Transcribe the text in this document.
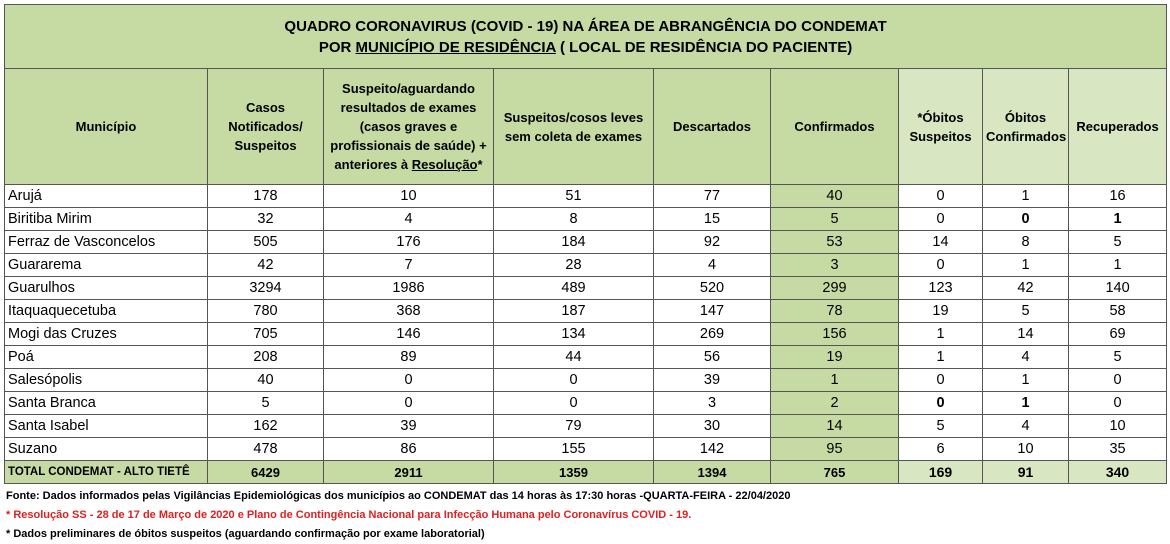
QUADRO CORONAVIRUS (COVID - 19) NA ÁREA DE ABRANGÊNCIA DO CONDEMAT
POR MUNICÍPIO DE RESIDÊNCIA ( LOCAL DE RESIDÊNCIA DO PACIENTE)								

Município	Casos Notificados/ Suspeitos	Suspeito/aguardando resultados de exames (casos graves e profissionais de saúde) + anteriores à Resolução*	Suspeitos/cosos leves sem coleta de exames	Descartados	Confirmados	*Óbitos Suspeitos	Óbitos Confirmados	Recuperados
Arujá	178	10	51	77	40	0	1	16
Biritiba Mirim	32	4	8	15	5	0	0	1
Ferraz de Vasconcelos	505	176	184	92	53	14	8	5
Guararema	42	7	28	4	3	0	1	1
Guarulhos	3294	1986	489	520	299	123	42	140
Itaquaquecetuba	780	368	187	147	78	19	5	58
Mogi das Cruzes	705	146	134	269	156	1	14	69
Poá	208	89	44	56	19	1	4	5
Salesópolis	40	0	0	39	1	0	1	0
Santa Branca	5	0	0	3	2	0	1	0
Santa Isabel	162	39	79	30	14	5	4	10
Suzano	478	86	155	142	95	6	10	35
TOTAL CONDEMAT - ALTO TIETÊ	6429	2911	1359	1394	765	169	91	340
Fonte: Dados informados pelas Vigilâncias Epidemiológicas dos municípios ao CONDEMAT das 14 horas às 17:30 horas -QUARTA-FEIRA - 22/04/2020
* Resolução SS - 28 de 17 de Março de 2020 e Plano de Contingência Nacional para Infecção Humana pelo Coronavírus COVID - 19.
* Dados preliminares de óbitos suspeitos (aguardando confirmação por exame laboratorial)
